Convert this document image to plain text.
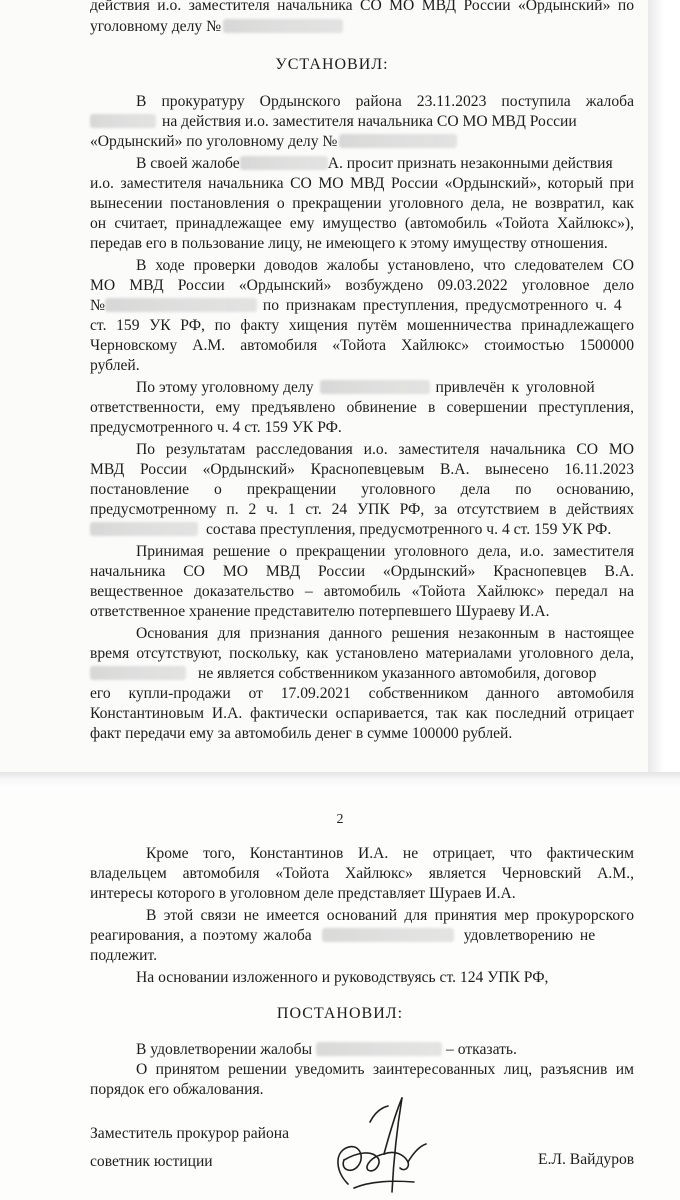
действия и.о. заместителя начальника СО МО МВД России «Ордынский» по
уголовному делу №
УСТАНОВИЛ:
В прокуратуру Ордынского района 23.11.2023 поступила жалоба
на действия и.о. заместителя начальника СО МО МВД России
«Ордынский» по уголовному делу №
В своей жалобе	А. просит признать незаконными действия
и.о. заместителя начальника СО МО МВД России «Ордынский», который при
вынесении постановления о прекращении уголовного дела, не возвратил, как
он считает, принадлежащее ему имущество (автомобиль «Тойота Хайлюкс»),
передав его в пользование лицу, не имеющего к этому имуществу отношения.
В ходе проверки доводов жалобы установлено, что следователем СО
МО МВД России «Ордынский» возбуждено 09.03.2022 уголовное дело
№	по признакам преступления, предусмотренного ч. 4
ст. 159 УК РФ, по факту хищения путём мошенничества принадлежащего
Черновскому А.М. автомобиля «Тойота Хайлюкс» стоимостью 1500000
рублей.
По этому уголовному делу	привлечён к уголовной
ответственности, ему предъявлено обвинение в совершении преступления,
предусмотренного ч. 4 ст. 159 УК РФ.
По результатам расследования и.о. заместителя начальника СО МО
МВД России «Ордынский» Краснопевцевым В.А. вынесено 16.11.2023
постановление о прекращении уголовного дела по основанию,
предусмотренному п. 2 ч. 1 ст. 24 УПК РФ, за отсутствием в действиях
состава преступления, предусмотренного ч. 4 ст. 159 УК РФ.
Принимая решение о прекращении уголовного дела, и.о. заместителя
начальника СО МО МВД России «Ордынский» Краснопевцев В.А.
вещественное доказательство – автомобиль «Тойота Хайлюкс» передал на
ответственное хранение представителю потерпевшего Шураеву И.А.
Основания для признания данного решения незаконным в настоящее
время отсутствуют, поскольку, как установлено материалами уголовного дела,
не является собственником указанного автомобиля, договор
его купли-продажи от 17.09.2021 собственником данного автомобиля
Константиновым И.А. фактически оспаривается, так как последний отрицает
факт передачи ему за автомобиль денег в сумме 100000 рублей.
2
Кроме того, Константинов И.А. не отрицает, что фактическим
владельцем автомобиля «Тойота Хайлюкс» является Черновский А.М.,
интересы которого в уголовном деле представляет Шураев И.А.
В этой связи не имеется оснований для принятия мер прокурорского
реагирования, а поэтому жалоба	удовлетворению не
подлежит.
На основании изложенного и руководствуясь ст. 124 УПК РФ,
ПОСТАНОВИЛ:
В удовлетворении жалобы	– отказать.
О принятом решении уведомить заинтересованных лиц, разъяснив им
порядок его обжалования.
Заместитель прокурор района
советник юстиции	Е.Л. Вайдуров
